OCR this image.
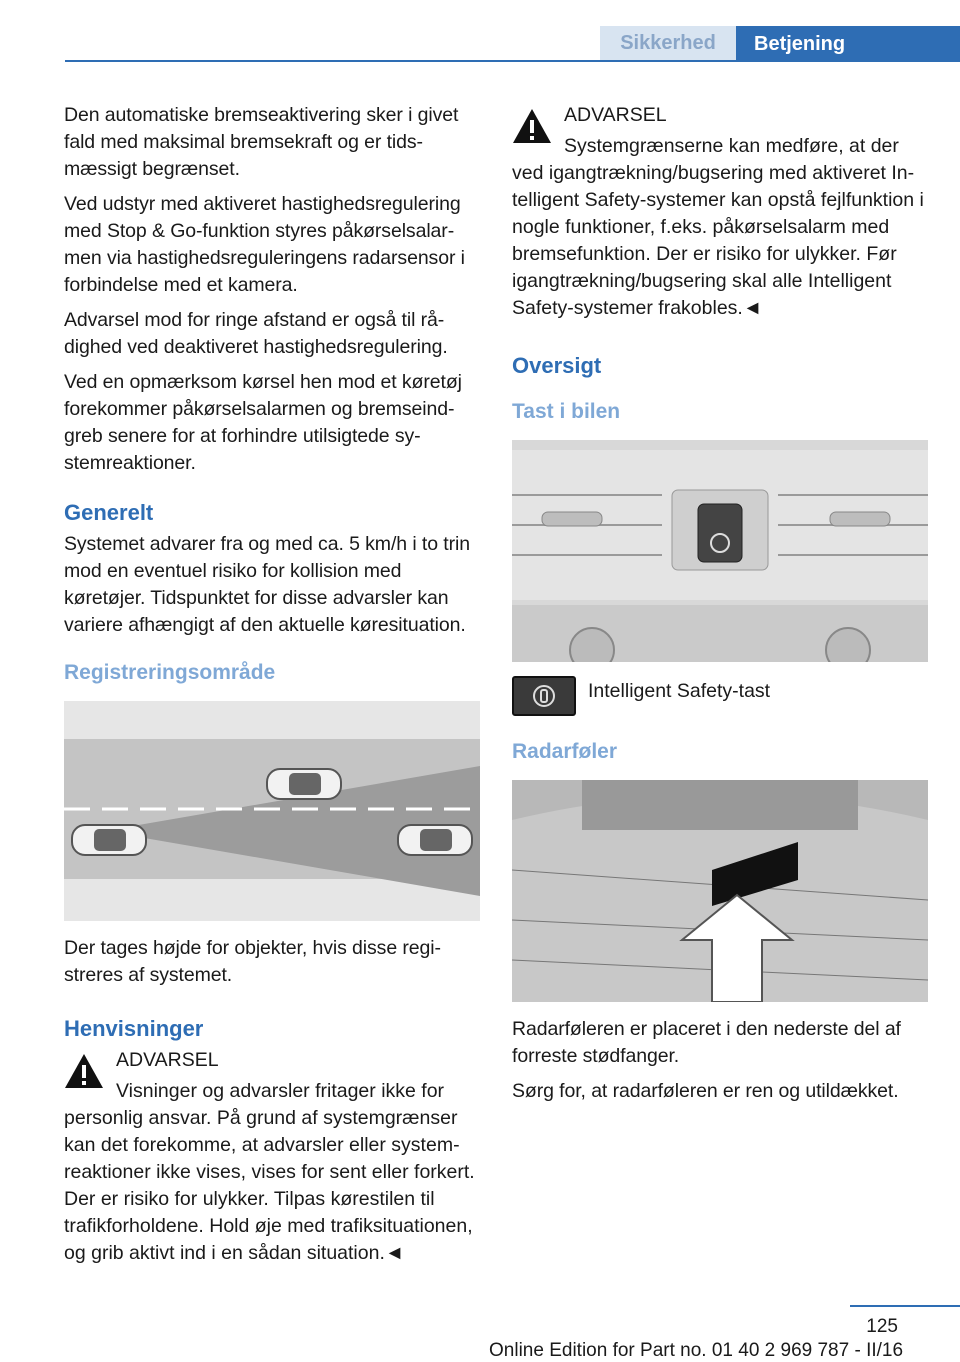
Sikkerhed	Betjening

Den automatiske bremseaktivering sker i givet fald med maksimal bremsekraft og er tidsmæssigt begrænset.

Ved udstyr med aktiveret hastighedsregulering med Stop & Go-funktion styres påkørselsalarmen via hastighedsreguleringens radarsensor i forbindelse med et kamera.

Advarsel mod for ringe afstand er også til rådighed ved deaktiveret hastighedsregulering.

Ved en opmærksom kørsel hen mod et køretøj forekommer påkørselsalarmen og bremseindgreb senere for at forhindre utilsigtede systemreaktioner.

Generelt

Systemet advarer fra og med ca. 5 km/h i to trin mod en eventuel risiko for kollision med køretøjer. Tidspunktet for disse advarsler kan variere afhængigt af den aktuelle køresituation.

Registreringsområde

Der tages højde for objekter, hvis disse registreres af systemet.

Henvisninger
ADVARSEL
Visninger og advarsler fritager ikke for
personlig ansvar. På grund af systemgrænser kan det forekomme, at advarsler eller systemreaktioner ikke vises, vises for sent eller forkert. Der er risiko for ulykker. Tilpas kørestilen til trafikforholdene. Hold øje med trafiksituationen, og grib aktivt ind i en sådan situation.◄
ADVARSEL
Systemgrænserne kan medføre, at der
ved igangtrækning/bugsering med aktiveret Intelligent Safety-systemer kan opstå fejlfunktion i nogle funktioner, f.eks. påkørselsalarm med bremsefunktion. Der er risiko for ulykker. Før igangtrækning/bugsering skal alle Intelligent Safety-systemer frakobles.◄
Oversigt
Tast i bilen
Intelligent Safety-tast
Radarføler

Radarføleren er placeret i den nederste del af forreste stødfanger.

Sørg for, at radarføleren er ren og utildækket.

125
Online Edition for Part no. 01 40 2 969 787 - II/16
